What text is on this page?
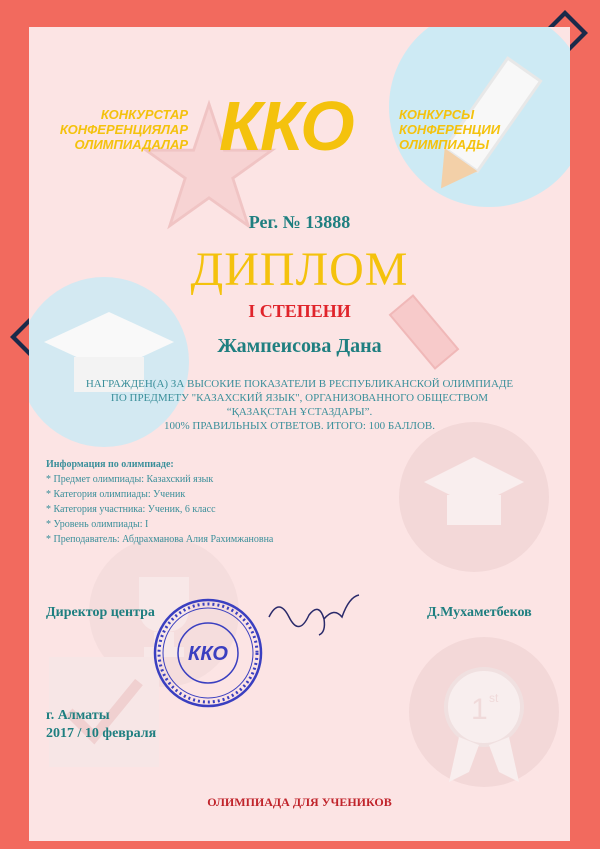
1 st
КОНКУРСТАР
КОНФЕРЕНЦИЯЛАР
ОЛИМПИАДАЛАР ККО	КОНКУРСЫ
КОНФЕРЕНЦИИ
ОЛИМПИАДЫ
Рег. № 13888
ДИПЛОМ
I СТЕПЕНИ
Жампеисова Дана
НАГРАЖДЕН(А) ЗА ВЫСОКИЕ ПОКАЗАТЕЛИ В РЕСПУБЛИКАНСКОЙ ОЛИМПИАДЕ
ПО ПРЕДМЕТУ "КАЗАХСКИЙ ЯЗЫК", ОРГАНИЗОВАННОГО ОБЩЕСТВОМ
“ҚАЗАҚСТАН ҰСТАЗДАРЫ”.
100% ПРАВИЛЬНЫХ ОТВЕТОВ. ИТОГО: 100 БАЛЛОВ.
Информация по олимпиаде:
* Предмет олимпиады: Казахский язык
* Категория олимпиады: Ученик
* Категория участника: Ученик, 6 класс
* Уровень олимпиады: I
* Преподаватель: Абдрахманова Алия Рахимжановна
Директор центра	Д.Мухаметбеков
ККО
г. Алматы
2017 / 10 февраля
ОЛИМПИАДА ДЛЯ УЧЕНИКОВ
